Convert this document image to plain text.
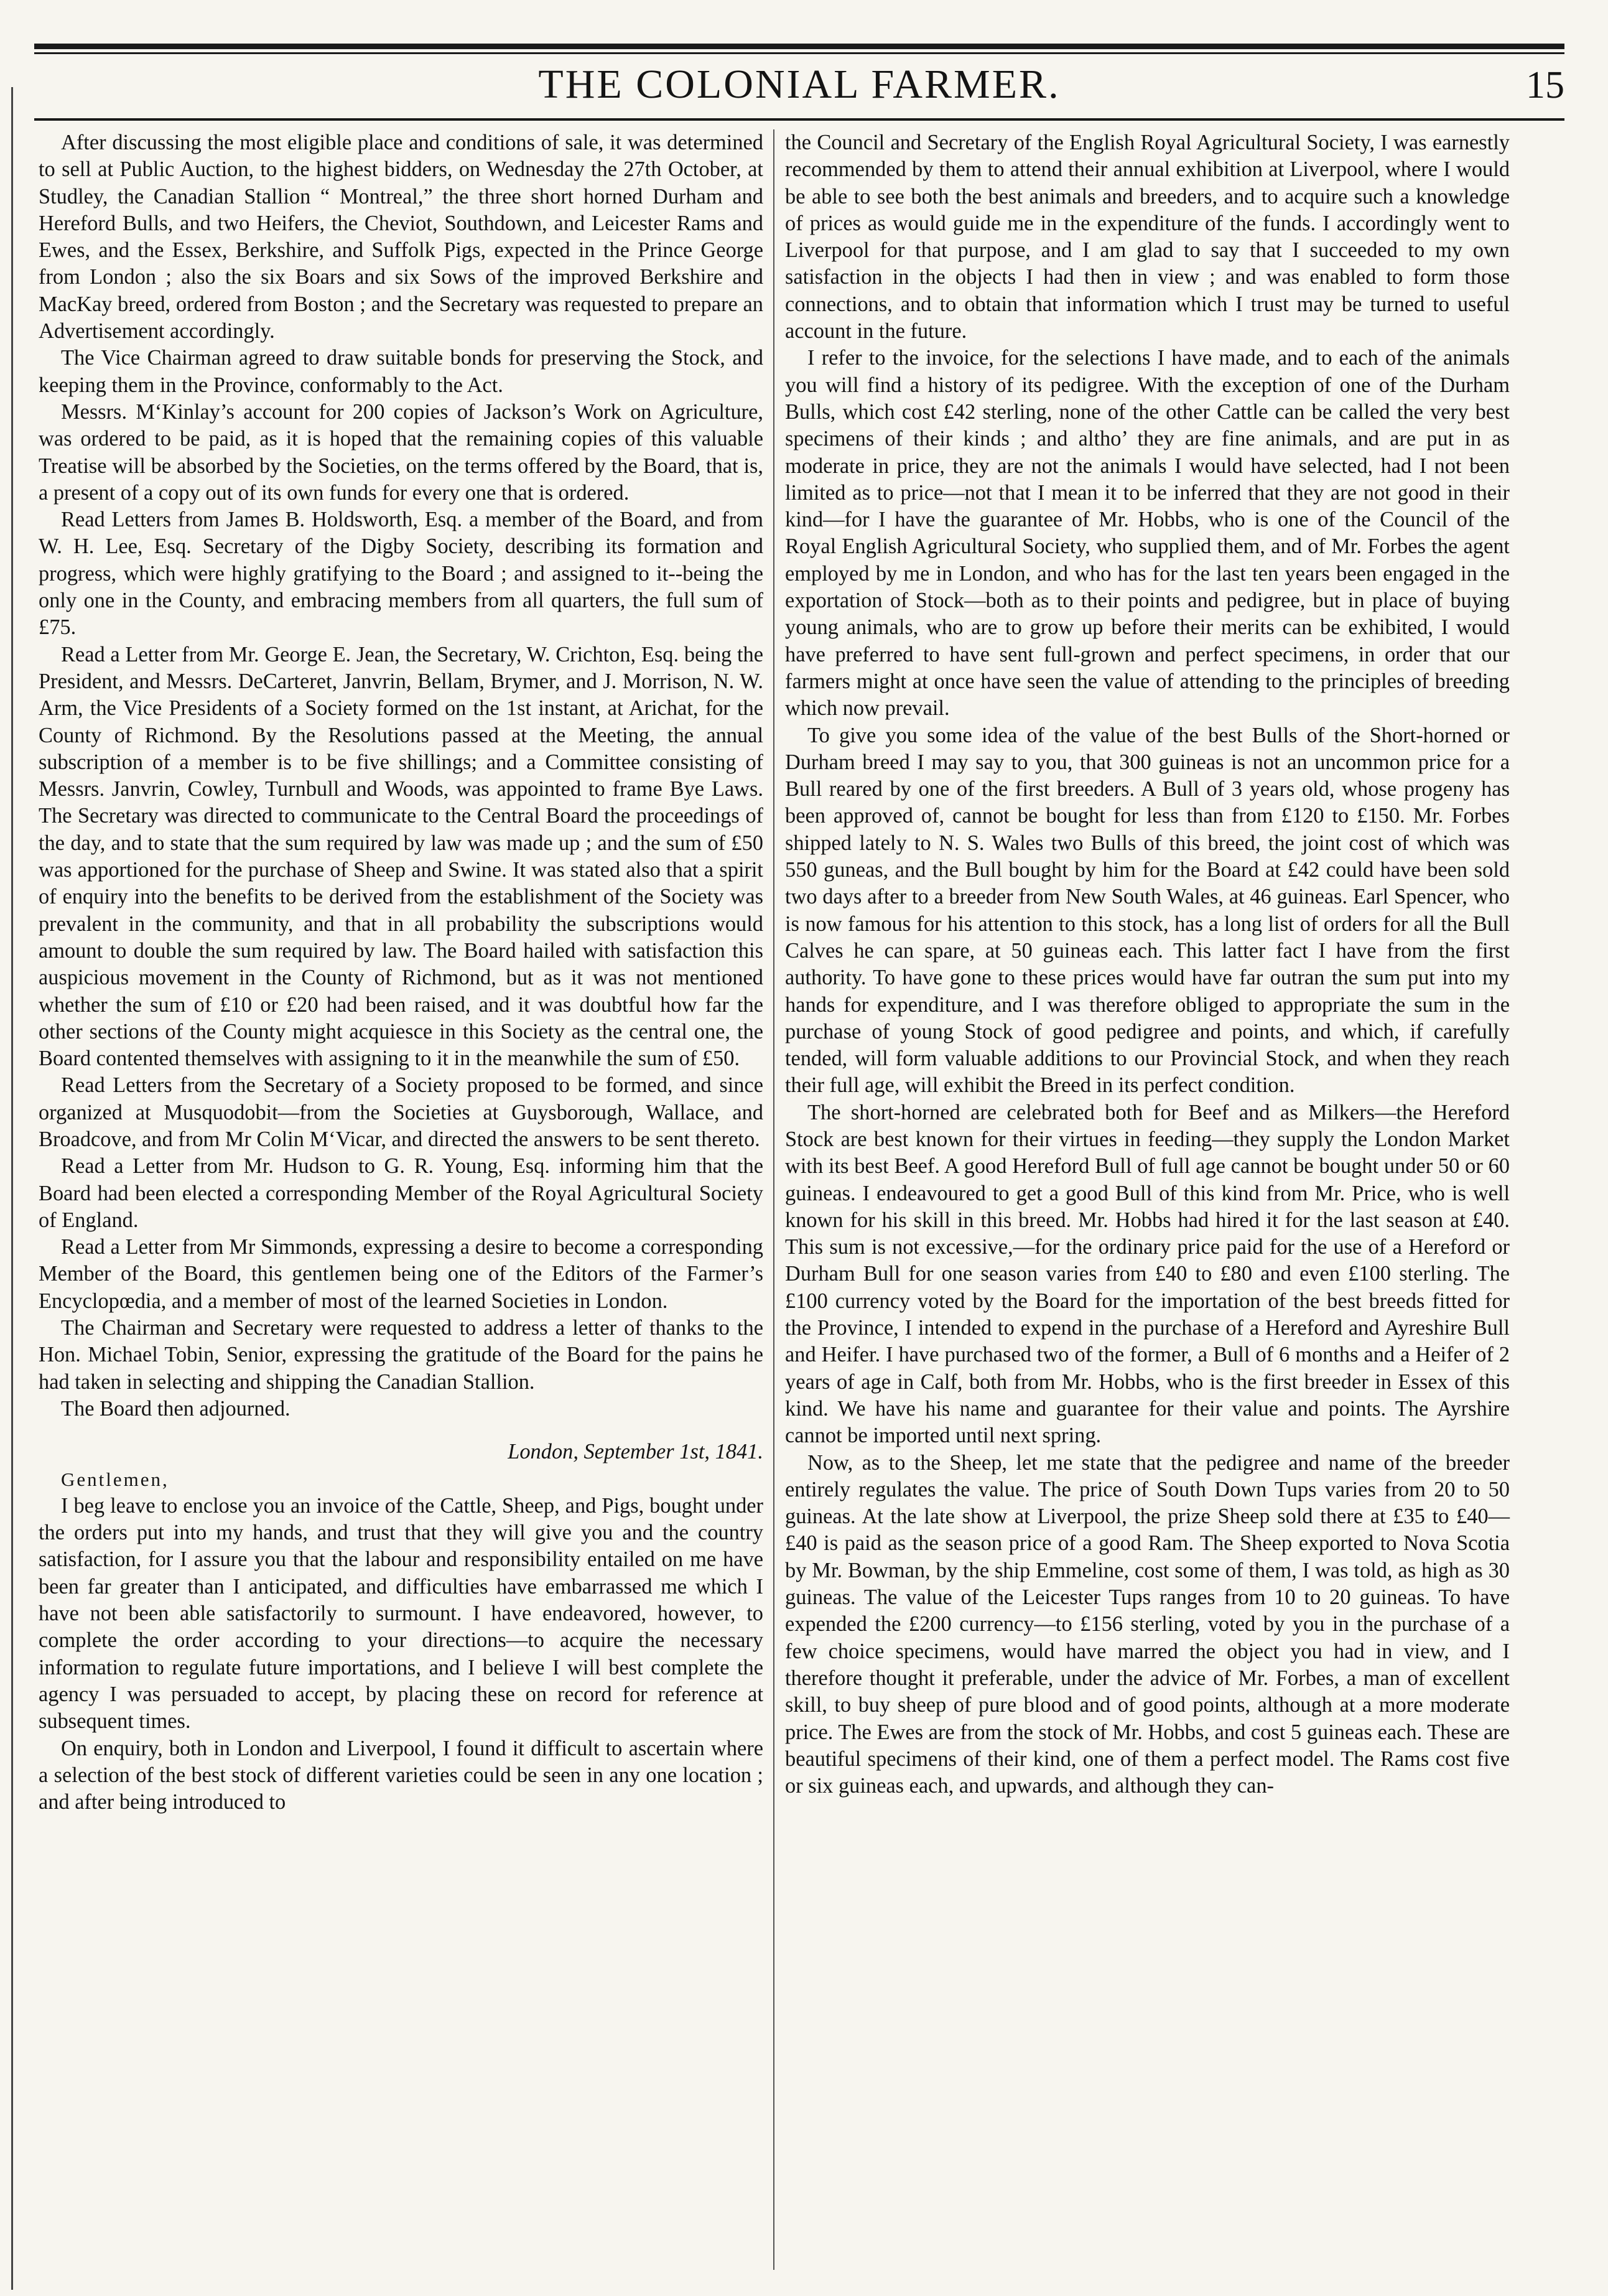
THE COLONIAL FARMER.	15

After discussing the most eligible place and conditions of sale, it was determined to sell at Public Auction, to the highest bidders, on Wednesday the 27th October, at Studley, the Canadian Stallion “ Montreal,” the three short horned Durham and Hereford Bulls, and two Heifers, the Cheviot, Southdown, and Leicester Rams and Ewes, and the Essex, Berkshire, and Suffolk Pigs, expected in the Prince George from London ; also the six Boars and six Sows of the improved Berkshire and MacKay breed, ordered from Boston ; and the Secretary was requested to prepare an Advertisement accordingly.

The Vice Chairman agreed to draw suitable bonds for preserving the Stock, and keeping them in the Province, conformably to the Act.

Messrs. M‘Kinlay’s account for 200 copies of Jackson’s Work on Agriculture, was ordered to be paid, as it is hoped that the remaining copies of this valuable Treatise will be absorbed by the Societies, on the terms offered by the Board, that is, a present of a copy out of its own funds for every one that is ordered.

Read Letters from James B. Holdsworth, Esq. a member of the Board, and from W. H. Lee, Esq. Secretary of the Digby Society, describing its formation and progress, which were highly gratifying to the Board ; and assigned to it--being the only one in the County, and embracing members from all quarters, the full sum of £75.

Read a Letter from Mr. George E. Jean, the Secretary, W. Crichton, Esq. being the President, and Messrs. DeCarteret, Janvrin, Bellam, Brymer, and J. Morrison, N. W. Arm, the Vice Presidents of a Society formed on the 1st instant, at Arichat, for the County of Richmond. By the Resolutions passed at the Meeting, the annual subscription of a member is to be five shillings; and a Committee consisting of Messrs. Janvrin, Cowley, Turnbull and Woods, was appointed to frame Bye Laws. The Secretary was directed to communicate to the Central Board the proceedings of the day, and to state that the sum required by law was made up ; and the sum of £50 was apportioned for the purchase of Sheep and Swine. It was stated also that a spirit of enquiry into the benefits to be derived from the establishment of the Society was prevalent in the community, and that in all probability the subscriptions would amount to double the sum required by law. The Board hailed with satisfaction this auspicious movement in the County of Richmond, but as it was not mentioned whether the sum of £10 or £20 had been raised, and it was doubtful how far the other sections of the County might acquiesce in this Society as the central one, the Board contented themselves with assigning to it in the meanwhile the sum of £50.

Read Letters from the Secretary of a Society proposed to be formed, and since organized at Musquodobit—from the Societies at Guysborough, Wallace, and Broadcove, and from Mr Colin M‘Vicar, and directed the answers to be sent thereto.

Read a Letter from Mr. Hudson to G. R. Young, Esq. informing him that the Board had been elected a corresponding Member of the Royal Agricultural Society of England.

Read a Letter from Mr Simmonds, expressing a desire to become a corresponding Member of the Board, this gentlemen being one of the Editors of the Farmer’s Encyclopœdia, and a member of most of the learned Societies in London.

The Chairman and Secretary were requested to address a letter of thanks to the Hon. Michael Tobin, Senior, expressing the gratitude of the Board for the pains he had taken in selecting and shipping the Canadian Stallion.

The Board then adjourned.

London, September 1st, 1841.

Gentlemen,

I beg leave to enclose you an invoice of the Cattle, Sheep, and Pigs, bought under the orders put into my hands, and trust that they will give you and the country satisfaction, for I assure you that the labour and responsibility entailed on me have been far greater than I anticipated, and difficulties have embarrassed me which I have not been able satisfactorily to surmount. I have endeavored, however, to complete the order according to your directions—to acquire the necessary information to regulate future importations, and I believe I will best complete the agency I was persuaded to accept, by placing these on record for reference at subsequent times.

On enquiry, both in London and Liverpool, I found it difficult to ascertain where a selection of the best stock of different varieties could be seen in any one location ; and after being introduced to

the Council and Secretary of the English Royal Agricultural Society, I was earnestly recommended by them to attend their annual exhibition at Liverpool, where I would be able to see both the best animals and breeders, and to acquire such a knowledge of prices as would guide me in the expenditure of the funds. I accordingly went to Liverpool for that purpose, and I am glad to say that I succeeded to my own satisfaction in the objects I had then in view ; and was enabled to form those connections, and to obtain that information which I trust may be turned to useful account in the future.

I refer to the invoice, for the selections I have made, and to each of the animals you will find a history of its pedigree. With the exception of one of the Durham Bulls, which cost £42 sterling, none of the other Cattle can be called the very best specimens of their kinds ; and altho’ they are fine animals, and are put in as moderate in price, they are not the animals I would have selected, had I not been limited as to price—not that I mean it to be inferred that they are not good in their kind—for I have the guarantee of Mr. Hobbs, who is one of the Council of the Royal English Agricultural Society, who supplied them, and of Mr. Forbes the agent employed by me in London, and who has for the last ten years been engaged in the exportation of Stock—both as to their points and pedigree, but in place of buying young animals, who are to grow up before their merits can be exhibited, I would have preferred to have sent full-grown and perfect specimens, in order that our farmers might at once have seen the value of attending to the principles of breeding which now prevail.

To give you some idea of the value of the best Bulls of the Short-horned or Durham breed I may say to you, that 300 guineas is not an uncommon price for a Bull reared by one of the first breeders. A Bull of 3 years old, whose progeny has been approved of, cannot be bought for less than from £120 to £150. Mr. Forbes shipped lately to N. S. Wales two Bulls of this breed, the joint cost of which was 550 guneas, and the Bull bought by him for the Board at £42 could have been sold two days after to a breeder from New South Wales, at 46 guineas. Earl Spencer, who is now famous for his attention to this stock, has a long list of orders for all the Bull Calves he can spare, at 50 guineas each. This latter fact I have from the first authority. To have gone to these prices would have far outran the sum put into my hands for expenditure, and I was therefore obliged to appropriate the sum in the purchase of young Stock of good pedigree and points, and which, if carefully tended, will form valuable additions to our Provincial Stock, and when they reach their full age, will exhibit the Breed in its perfect condition.

The short-horned are celebrated both for Beef and as Milkers—the Hereford Stock are best known for their virtues in feeding—they supply the London Market with its best Beef. A good Hereford Bull of full age cannot be bought under 50 or 60 guineas. I endeavoured to get a good Bull of this kind from Mr. Price, who is well known for his skill in this breed. Mr. Hobbs had hired it for the last season at £40. This sum is not excessive,—for the ordinary price paid for the use of a Hereford or Durham Bull for one season varies from £40 to £80 and even £100 sterling. The £100 currency voted by the Board for the importation of the best breeds fitted for the Province, I intended to expend in the purchase of a Hereford and Ayreshire Bull and Heifer. I have purchased two of the former, a Bull of 6 months and a Heifer of 2 years of age in Calf, both from Mr. Hobbs, who is the first breeder in Essex of this kind. We have his name and guarantee for their value and points. The Ayrshire cannot be imported until next spring.

Now, as to the Sheep, let me state that the pedigree and name of the breeder entirely regulates the value. The price of South Down Tups varies from 20 to 50 guineas. At the late show at Liverpool, the prize Sheep sold there at £35 to £40—£40 is paid as the season price of a good Ram. The Sheep exported to Nova Scotia by Mr. Bowman, by the ship Emmeline, cost some of them, I was told, as high as 30 guineas. The value of the Leicester Tups ranges from 10 to 20 guineas. To have expended the £200 currency—to £156 sterling, voted by you in the purchase of a few choice specimens, would have marred the object you had in view, and I therefore thought it preferable, under the advice of Mr. Forbes, a man of excellent skill, to buy sheep of pure blood and of good points, although at a more moderate price. The Ewes are from the stock of Mr. Hobbs, and cost 5 guineas each. These are beautiful specimens of their kind, one of them a perfect model. The Rams cost five or six guineas each, and upwards, and although they can-
